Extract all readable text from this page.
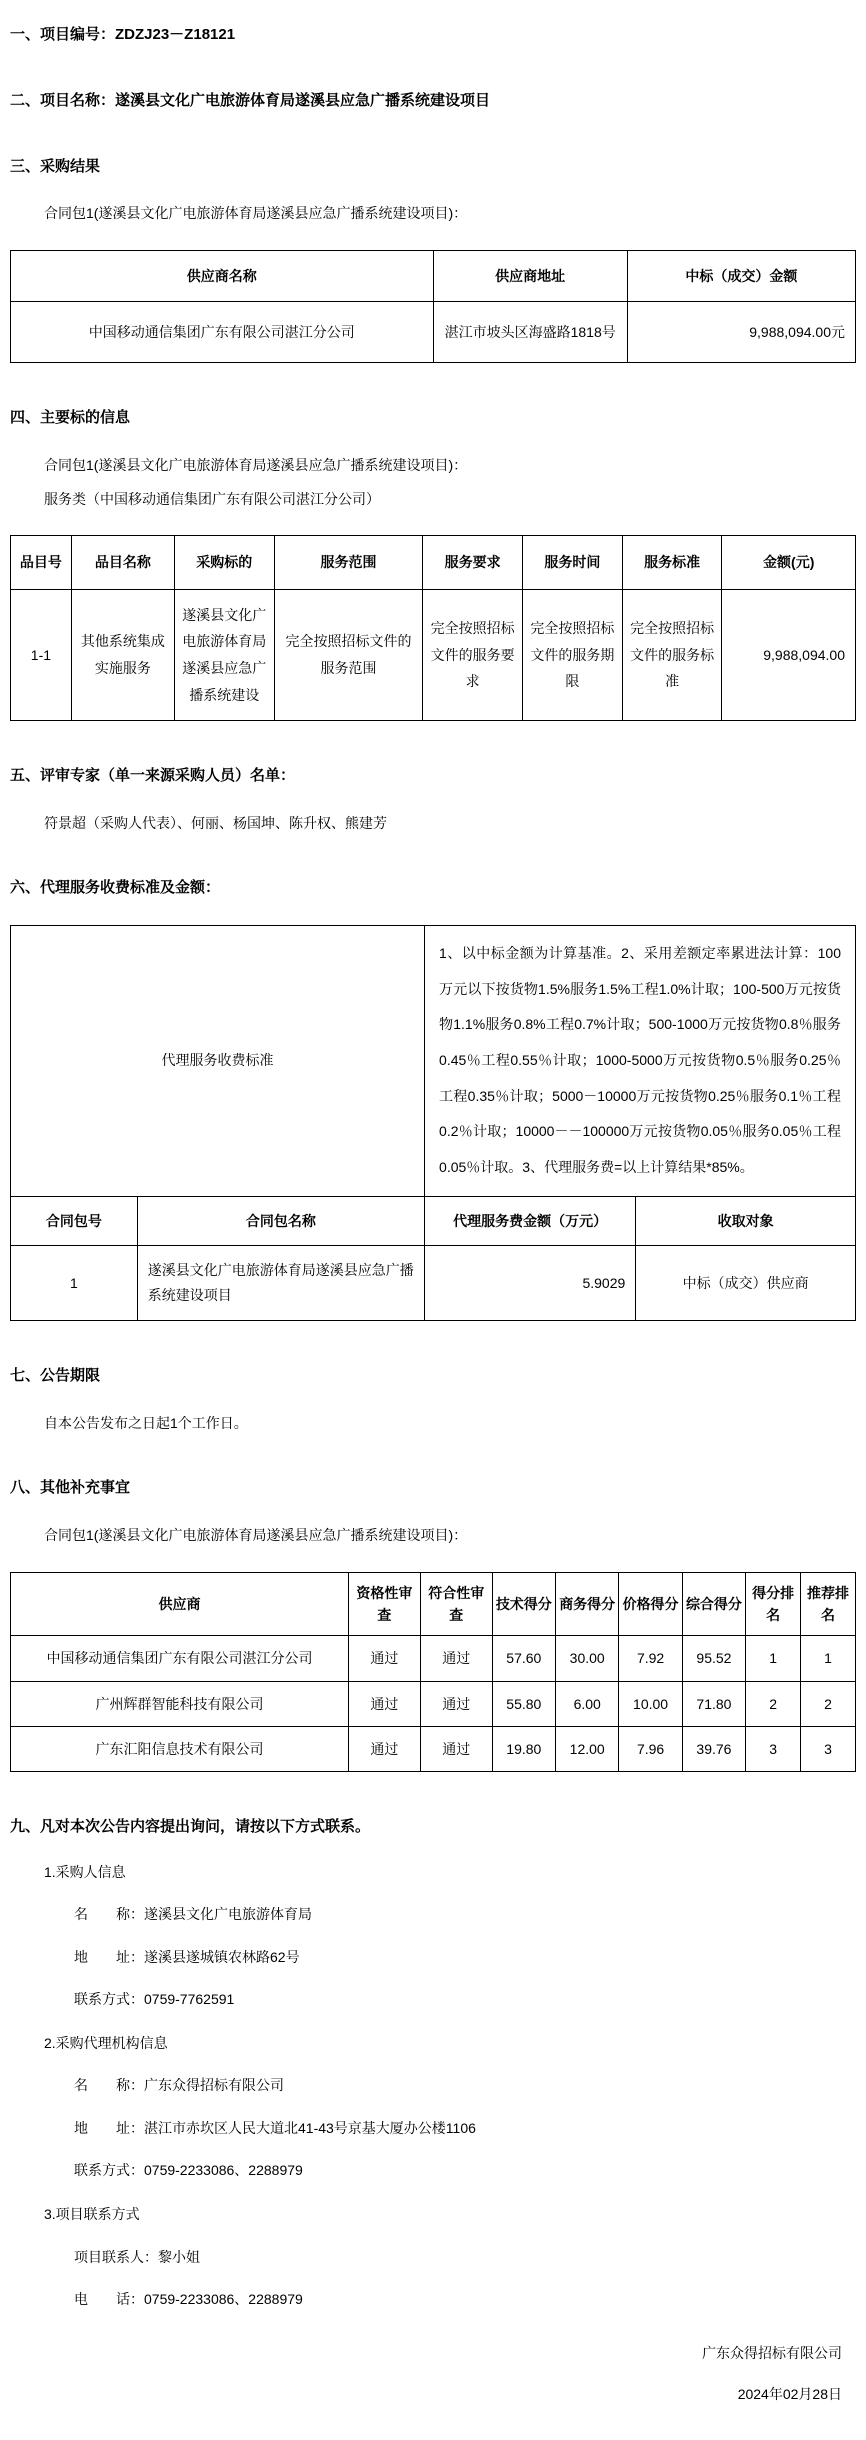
一、项目编号：ZDZJ23－Z18121
二、项目名称：遂溪县文化广电旅游体育局遂溪县应急广播系统建设项目
三、采购结果
合同包1(遂溪县文化广电旅游体育局遂溪县应急广播系统建设项目)：
供应商名称	供应商地址	中标（成交）金额
中国移动通信集团广东有限公司湛江分公司	湛江市坡头区海盛路1818号	9,988,094.00元
四、主要标的信息
合同包1(遂溪县文化广电旅游体育局遂溪县应急广播系统建设项目)：
服务类（中国移动通信集团广东有限公司湛江分公司）
品目号	品目名称	采购标的	服务范围	服务要求	服务时间	服务标准	金额(元)
1-1	其他系统集成实施服务	遂溪县文化广电旅游体育局遂溪县应急广播系统建设	完全按照招标文件的服务范围	完全按照招标文件的服务要求	完全按照招标文件的服务期限	完全按照招标文件的服务标准	9,988,094.00
五、评审专家（单一来源采购人员）名单：
符景超（采购人代表）、何丽、杨国坤、陈升权、熊建芳
六、代理服务收费标准及金额：
代理服务收费标准		1、以中标金额为计算基准。2、采用差额定率累进法计算：100万元以下按货物1.5%服务1.5%工程1.0%计取；100-500万元按货物1.1%服务0.8%工程0.7%计取；500-1000万元按货物0.8％服务0.45％工程0.55％计取；1000-5000万元按货物0.5％服务0.25％工程0.35％计取；5000－10000万元按货物0.25％服务0.1％工程0.2％计取；10000－－100000万元按货物0.05％服务0.05％工程0.05％计取。3、代理服务费=以上计算结果*85%。	
合同包号	合同包名称	代理服务费金额（万元）	收取对象
1	遂溪县文化广电旅游体育局遂溪县应急广播系统建设项目	5.9029	中标（成交）供应商
七、公告期限
自本公告发布之日起1个工作日。
八、其他补充事宜
合同包1(遂溪县文化广电旅游体育局遂溪县应急广播系统建设项目)：
供应商	资格性审查	符合性审查	技术得分	商务得分	价格得分	综合得分	得分排名	推荐排名
中国移动通信集团广东有限公司湛江分公司	通过	通过	57.60	30.00	7.92	95.52	1	1
广州辉群智能科技有限公司	通过	通过	55.80	6.00	10.00	71.80	2	2
广东汇阳信息技术有限公司	通过	通过	19.80	12.00	7.96	39.76	3	3
九、凡对本次公告内容提出询问，请按以下方式联系。
1.采购人信息
名　　称：遂溪县文化广电旅游体育局
地　　址：遂溪县遂城镇农林路62号
联系方式：0759-7762591
2.采购代理机构信息
名　　称：广东众得招标有限公司
地　　址：湛江市赤坎区人民大道北41-43号京基大厦办公楼1106
联系方式：0759-2233086、2288979
3.项目联系方式
项目联系人：黎小姐
电　　话：0759-2233086、2288979
广东众得招标有限公司
2024年02月28日
